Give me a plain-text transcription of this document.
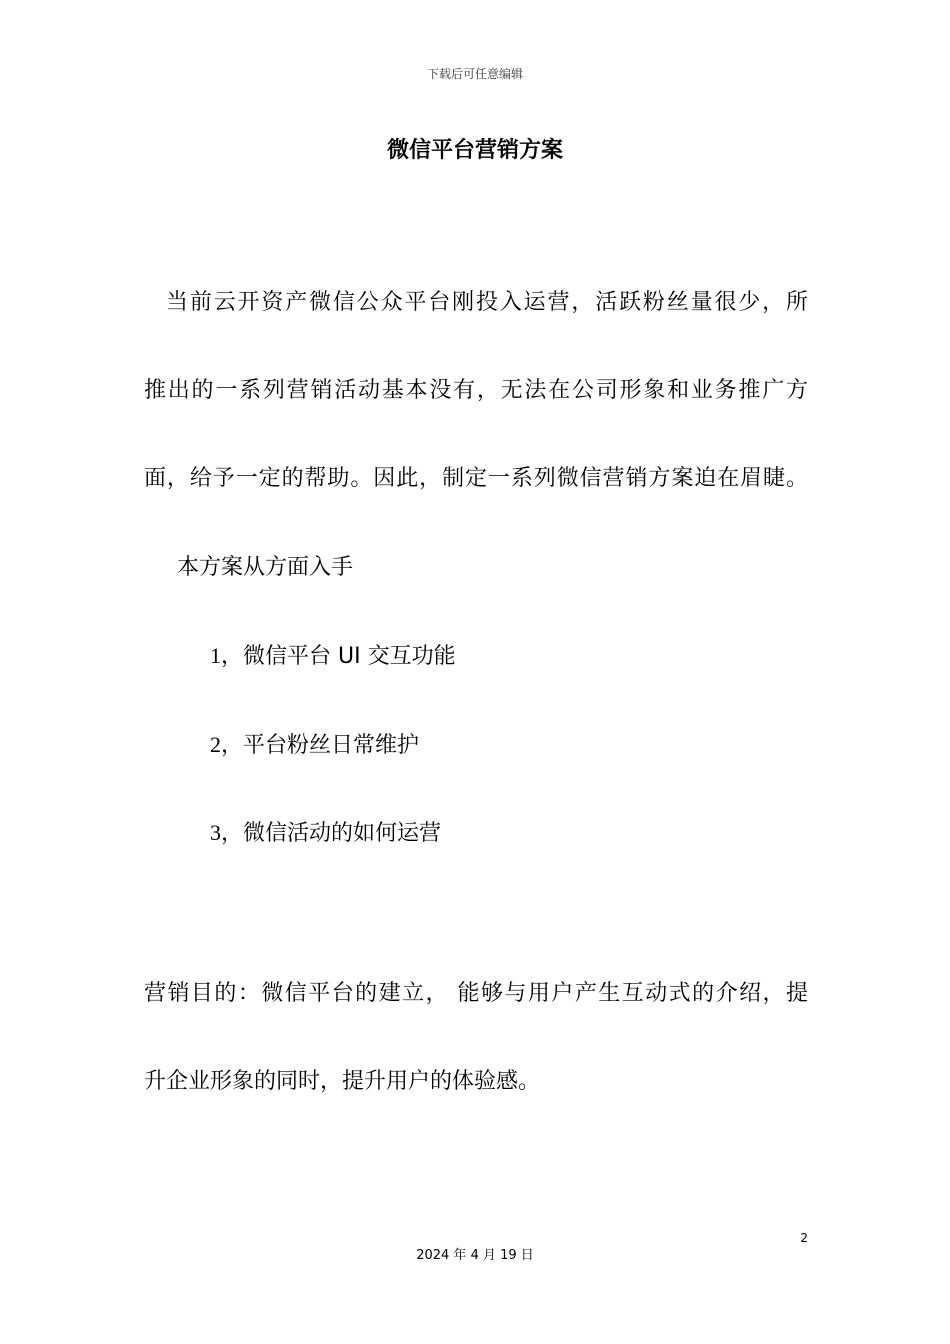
下载后可任意编辑
微信平台营销方案

当前云开资产微信公众平台刚投入运营，活跃粉丝量很少，所

推出的一系列营销活动基本没有，无法在公司形象和业务推广方

面，给予一定的帮助。因此，制定一系列微信营销方案迫在眉睫。

本方案从方面入手

1，微信平台 UI 交互功能

2，平台粉丝日常维护

3，微信活动的如何运营

营销目的：微信平台的建立， 能够与用户产生互动式的介绍，提

升企业形象的同时，提升用户的体验感。

2
2024 年 4 月 19 日
